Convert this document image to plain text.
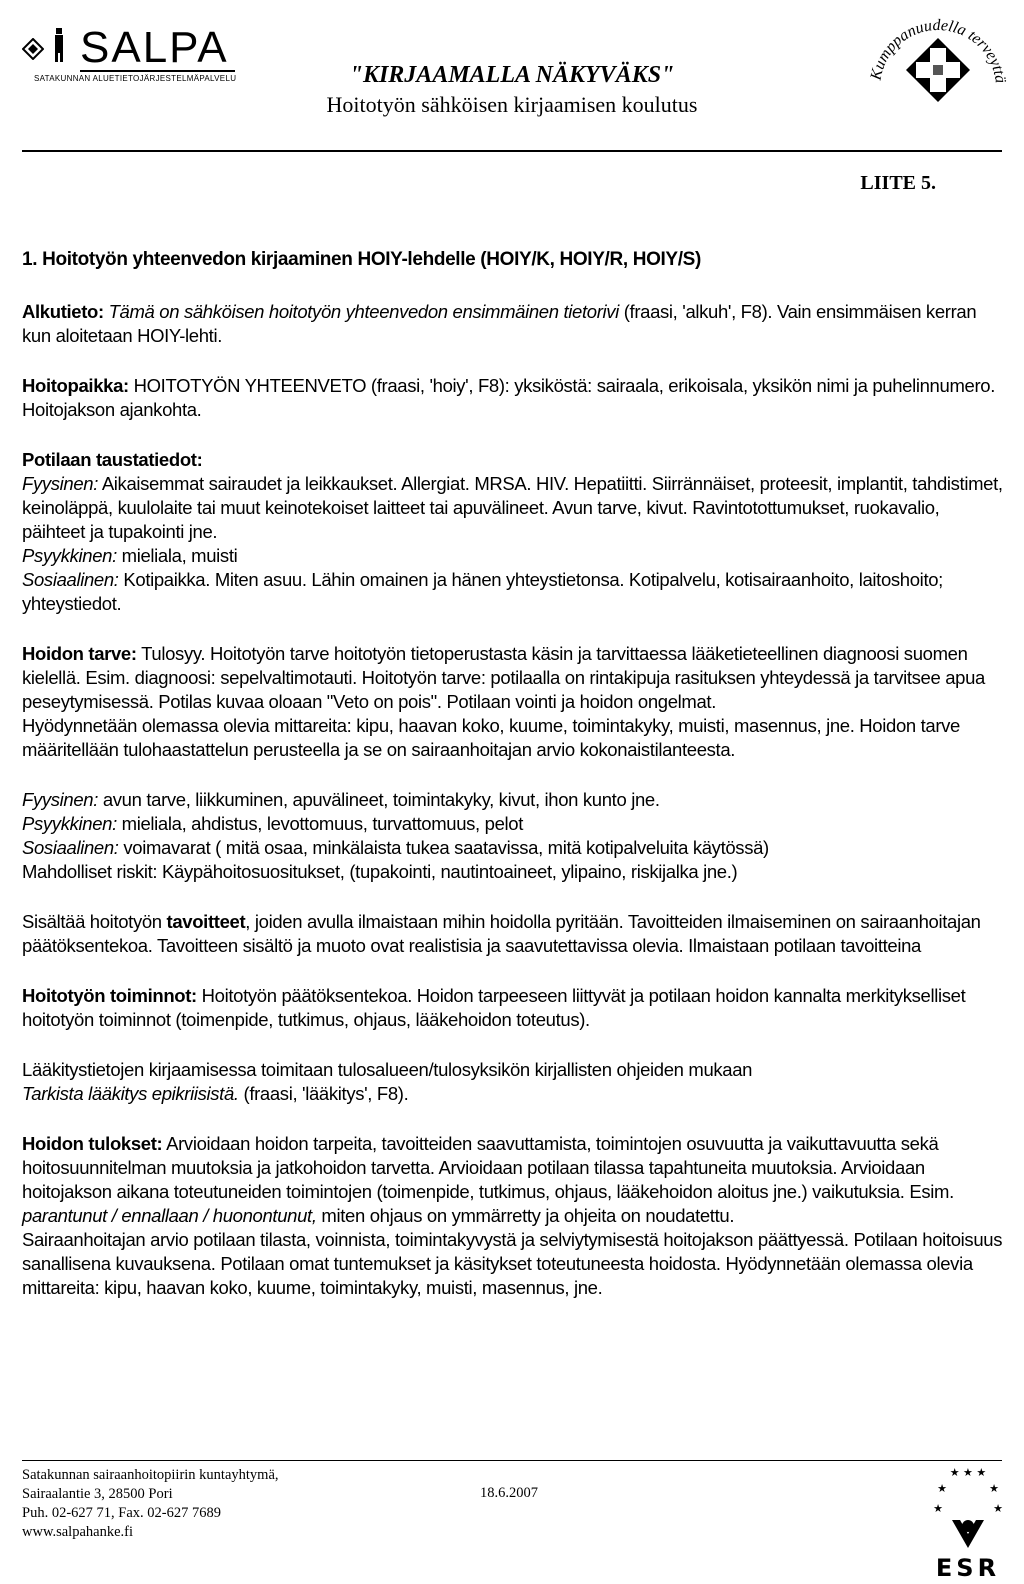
SALPA
SATAKUNNAN ALUETIETOJÄRJESTELMÄPALVELU	"KIRJAAMALLA NÄKYVÄKS"
Hoitotyön sähköisen kirjaamisen koulutus
Kumppanuudella terveyttä
LIITE 5.

1. Hoitotyön yhteenvedon kirjaaminen HOIY-lehdelle (HOIY/K, HOIY/R, HOIY/S)

Alkutieto: Tämä on sähköisen hoitotyön yhteenvedon ensimmäinen tietorivi (fraasi, 'alkuh', F8). Vain ensimmäisen kerran kun aloitetaan HOIY-lehti.

Hoitopaikka: HOITOTYÖN YHTEENVETO (fraasi, 'hoiy', F8): yksiköstä: sairaala, erikoisala, yksikön nimi ja puhelinnumero. Hoitojakson ajankohta.

Potilaan taustatiedot:

Fyysinen: Aikaisemmat sairaudet ja leikkaukset. Allergiat. MRSA. HIV. Hepatiitti. Siirrännäiset, proteesit, implantit, tahdistimet, keinoläppä, kuulolaite tai muut keinotekoiset laitteet tai apuvälineet. Avun tarve, kivut. Ravintotottumukset, ruokavalio, päihteet ja tupakointi jne.

Psyykkinen: mieliala, muisti

Sosiaalinen: Kotipaikka. Miten asuu. Lähin omainen ja hänen yhteystietonsa. Kotipalvelu, kotisairaanhoito, laitoshoito; yhteystiedot.

Hoidon tarve: Tulosyy. Hoitotyön tarve hoitotyön tietoperustasta käsin ja tarvittaessa lääketieteellinen diagnoosi suomen kielellä. Esim. diagnoosi: sepelvaltimotauti. Hoitotyön tarve: potilaalla on rintakipuja rasituksen yhteydessä ja tarvitsee apua peseytymisessä. Potilas kuvaa oloaan "Veto on pois". Potilaan vointi ja hoidon ongelmat.

Hyödynnetään olemassa olevia mittareita: kipu, haavan koko, kuume, toimintakyky, muisti, masennus, jne. Hoidon tarve määritellään tulohaastattelun perusteella ja se on sairaanhoitajan arvio kokonaistilanteesta.

Fyysinen: avun tarve, liikkuminen, apuvälineet, toimintakyky, kivut, ihon kunto jne.

Psyykkinen: mieliala, ahdistus, levottomuus, turvattomuus, pelot

Sosiaalinen: voimavarat ( mitä osaa, minkälaista tukea saatavissa, mitä kotipalveluita käytössä)

Mahdolliset riskit: Käypähoitosuositukset, (tupakointi, nautintoaineet, ylipaino, riskijalka jne.)

Sisältää hoitotyön tavoitteet, joiden avulla ilmaistaan mihin hoidolla pyritään. Tavoitteiden ilmaiseminen on sairaanhoitajan päätöksentekoa. Tavoitteen sisältö ja muoto ovat realistisia ja saavutettavissa olevia. Ilmaistaan potilaan tavoitteina

Hoitotyön toiminnot: Hoitotyön päätöksentekoa. Hoidon tarpeeseen liittyvät ja potilaan hoidon kannalta merkitykselliset hoitotyön toiminnot (toimenpide, tutkimus, ohjaus, lääkehoidon toteutus).

Lääkitystietojen kirjaamisessa toimitaan tulosalueen/tulosyksikön kirjallisten ohjeiden mukaan

Tarkista lääkitys epikriisistä. (fraasi, 'lääkitys', F8).

Hoidon tulokset: Arvioidaan hoidon tarpeita, tavoitteiden saavuttamista, toimintojen osuvuutta ja vaikuttavuutta sekä hoitosuunnitelman muutoksia ja jatkohoidon tarvetta. Arvioidaan potilaan tilassa tapahtuneita muutoksia. Arvioidaan hoitojakson aikana toteutuneiden toimintojen (toimenpide, tutkimus, ohjaus, lääkehoidon aloitus jne.) vaikutuksia. Esim. parantunut / ennallaan / huonontunut, miten ohjaus on ymmärretty ja ohjeita on noudatettu.

Sairaanhoitajan arvio potilaan tilasta, voinnista, toimintakyvystä ja selviytymisestä hoitojakson päättyessä. Potilaan hoitoisuus sanallisena kuvauksena. Potilaan omat tuntemukset ja käsitykset toteutuneesta hoidosta. Hyödynnetään olemassa olevia mittareita: kipu, haavan koko, kuume, toimintakyky, muisti, masennus, jne.

Satakunnan sairaanhoitopiirin kuntayhtymä,
Sairaalantie 3, 28500 Pori
Puh. 02-627 71, Fax. 02-627 7689
www.salpahanke.fi
18.6.2007
★ ★ ★
★	★
★	★
ESR
